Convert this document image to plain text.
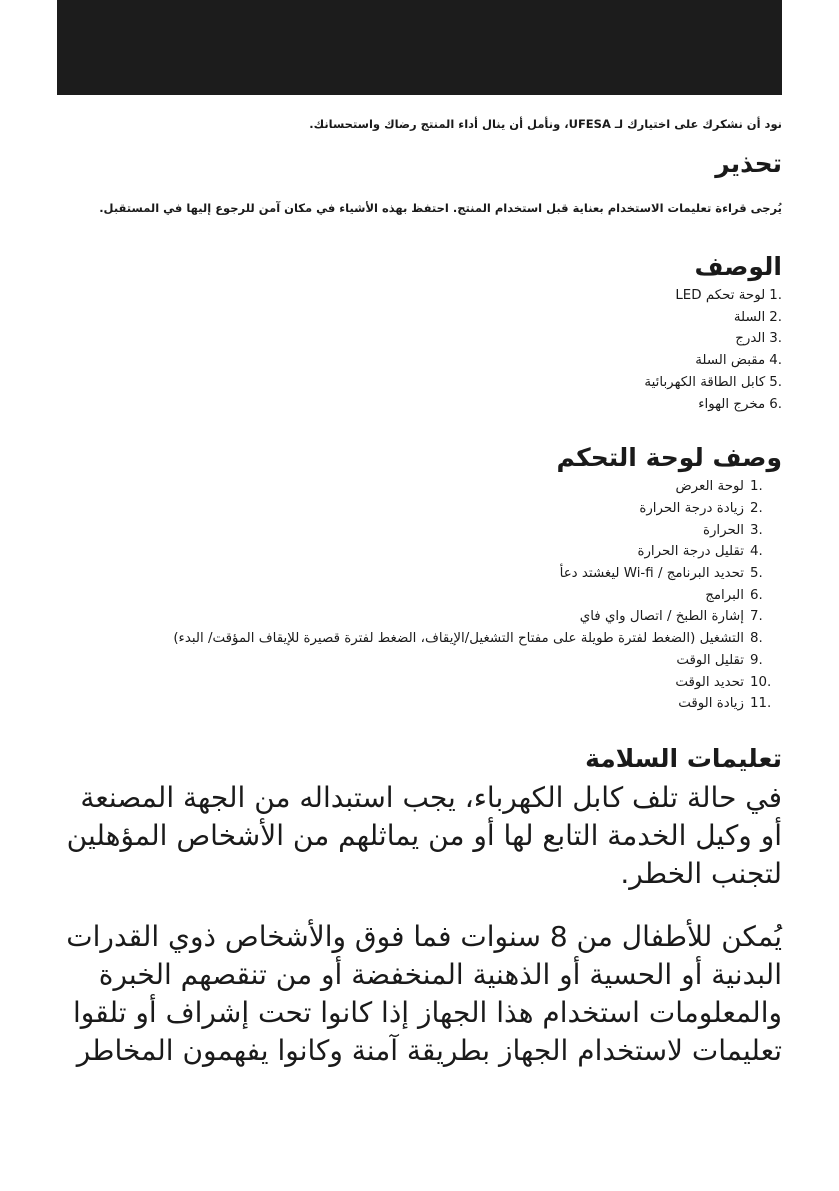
نود أن نشكرك على اختيارك لـ UFESA، ونأمل أن ينال أداء المنتج رضاك واستحسانك.

تحذير

يُرجى قراءة تعليمات الاستخدام بعناية قبل استخدام المنتج. احتفظ بهذه الأشياء في مكان آمن للرجوع إليها في المستقبل.

الوصف
1.لوحة تحكم LED
2.السلة
3.الدرج
4.مقبض السلة
5.كابل الطاقة الكهربائية
6.مخرج الهواء
وصف لوحة التحكم
1.لوحة العرض
2.زيادة درجة الحرارة
3.الحرارة
4.تقليل درجة الحرارة
5.تحديد البرنامج / Wi-fi ليغشتد دعأ
6.البرامج
7.إشارة الطبخ / اتصال واي فاي
8.التشغيل (الضغط لفترة طويلة على مفتاح التشغيل/الإيقاف، الضغط لفترة قصيرة للإيقاف المؤقت/ البدء)
9.تقليل الوقت
10.تحديد الوقت
11.زيادة الوقت
تعليمات السلامة

في حالة تلف كابل الكهرباء، يجب استبداله من الجهة المصنعة أو وكيل الخدمة التابع لها أو من يماثلهم من الأشخاص المؤهلين لتجنب الخطر.

يُمكن للأطفال من 8 سنوات فما فوق والأشخاص ذوي القدرات البدنية أو الحسية أو الذهنية المنخفضة أو من تنقصهم الخبرة والمعلومات استخدام هذا الجهاز إذا كانوا تحت إشراف أو تلقوا تعليمات لاستخدام الجهاز بطريقة آمنة وكانوا يفهمون المخاطر
